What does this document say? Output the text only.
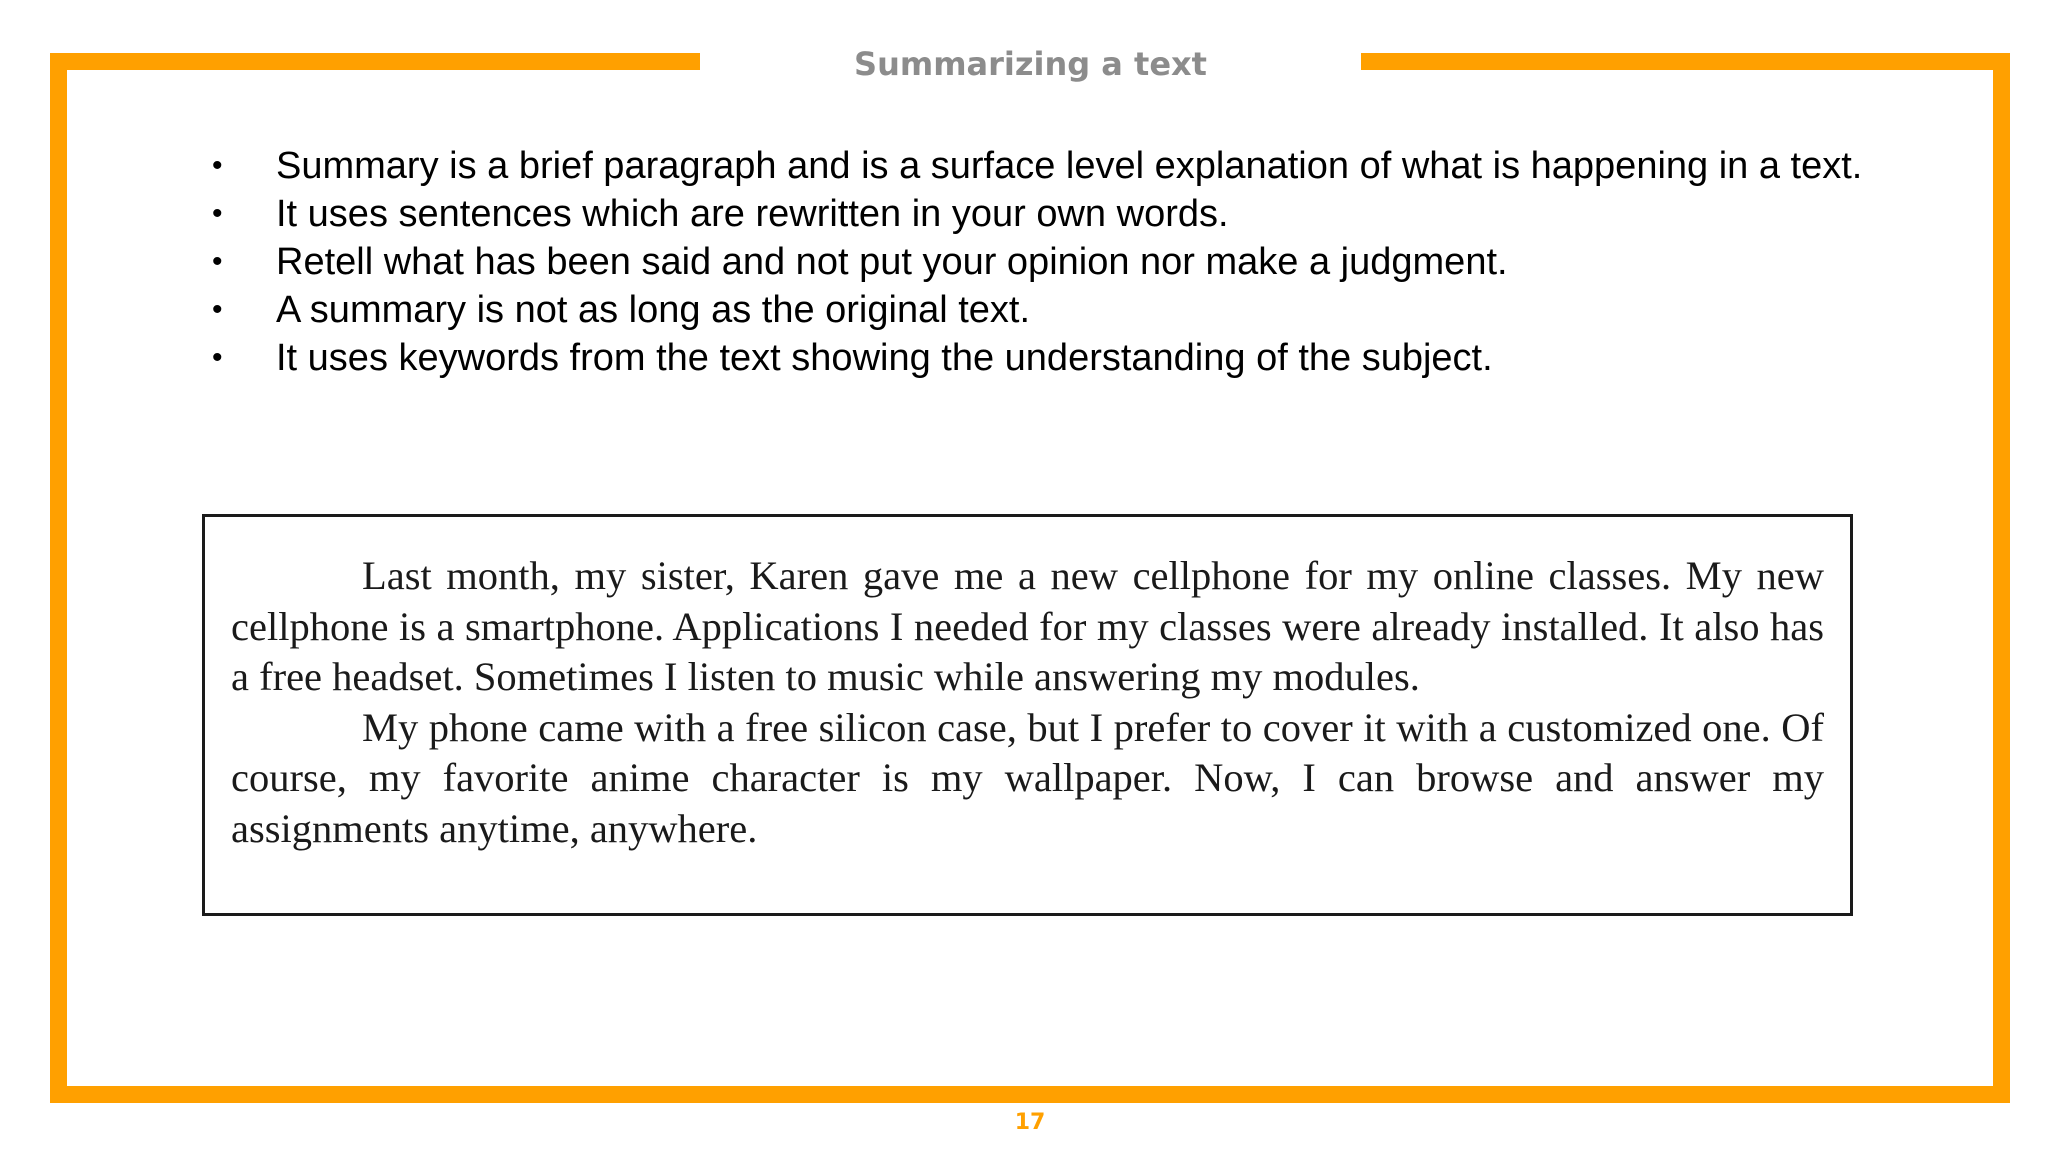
Summarizing a text
• Summary is a brief paragraph and is a surface level explanation of what is happening in a text.
• It uses sentences which are rewritten in your own words.
• Retell what has been said and not put your opinion nor make a judgment.
• A summary is not as long as the original text.
• It uses keywords from the text showing the understanding of the subject.

Last month, my sister, Karen gave me a new cellphone for my online classes. My new cellphone is a smartphone. Applications I needed for my classes were already installed. It also has a free headset. Sometimes I listen to music while answering my modules.

My phone came with a free silicon case, but I prefer to cover it with a customized one. Of course, my favorite anime character is my wallpaper. Now, I can browse and answer my assignments anytime, anywhere.

17
